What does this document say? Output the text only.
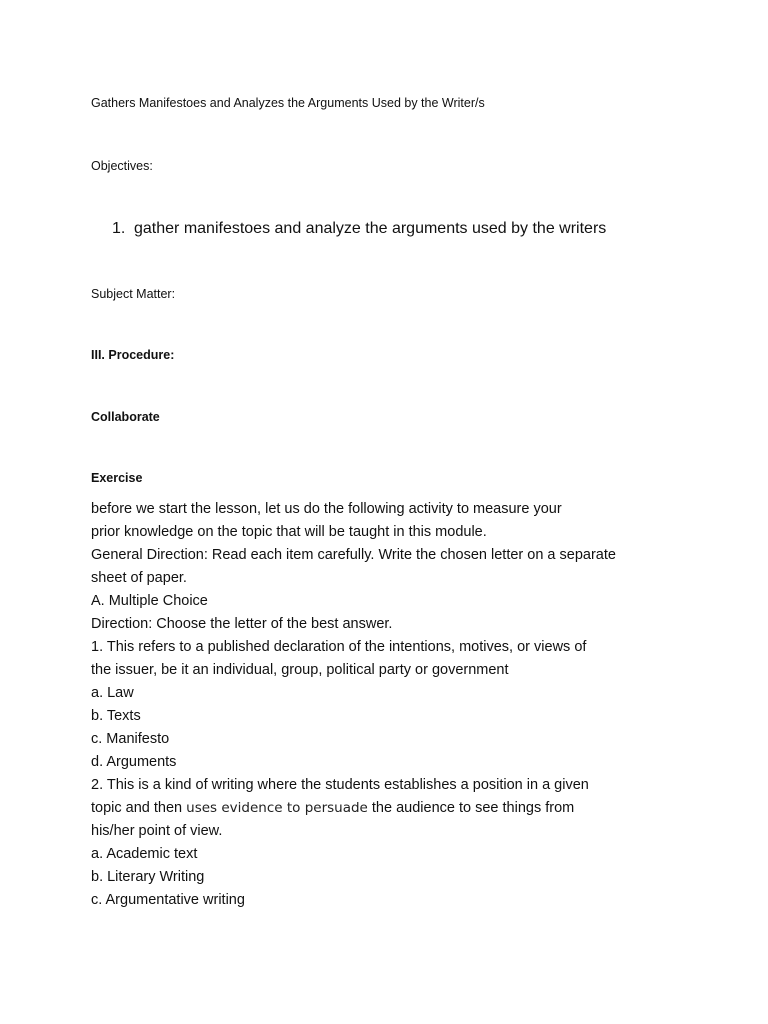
Gathers Manifestoes and Analyzes the Arguments Used by the Writer/s
Objectives:
1. gather manifestoes and analyze the arguments used by the writers
Subject Matter:
III. Procedure:
Collaborate
Exercise
before we start the lesson, let us do the following activity to measure your
prior knowledge on the topic that will be taught in this module.
General Direction: Read each item carefully. Write the chosen letter on a separate
sheet of paper.
A. Multiple Choice
Direction: Choose the letter of the best answer.
1. This refers to a published declaration of the intentions, motives, or views of
the issuer, be it an individual, group, political party or government
a. Law
b. Texts
c. Manifesto
d. Arguments
2. This is a kind of writing where the students establishes a position in a given
topic and then uses evidence to persuade the audience to see things from
his/her point of view.
a. Academic text
b. Literary Writing
c. Argumentative writing
